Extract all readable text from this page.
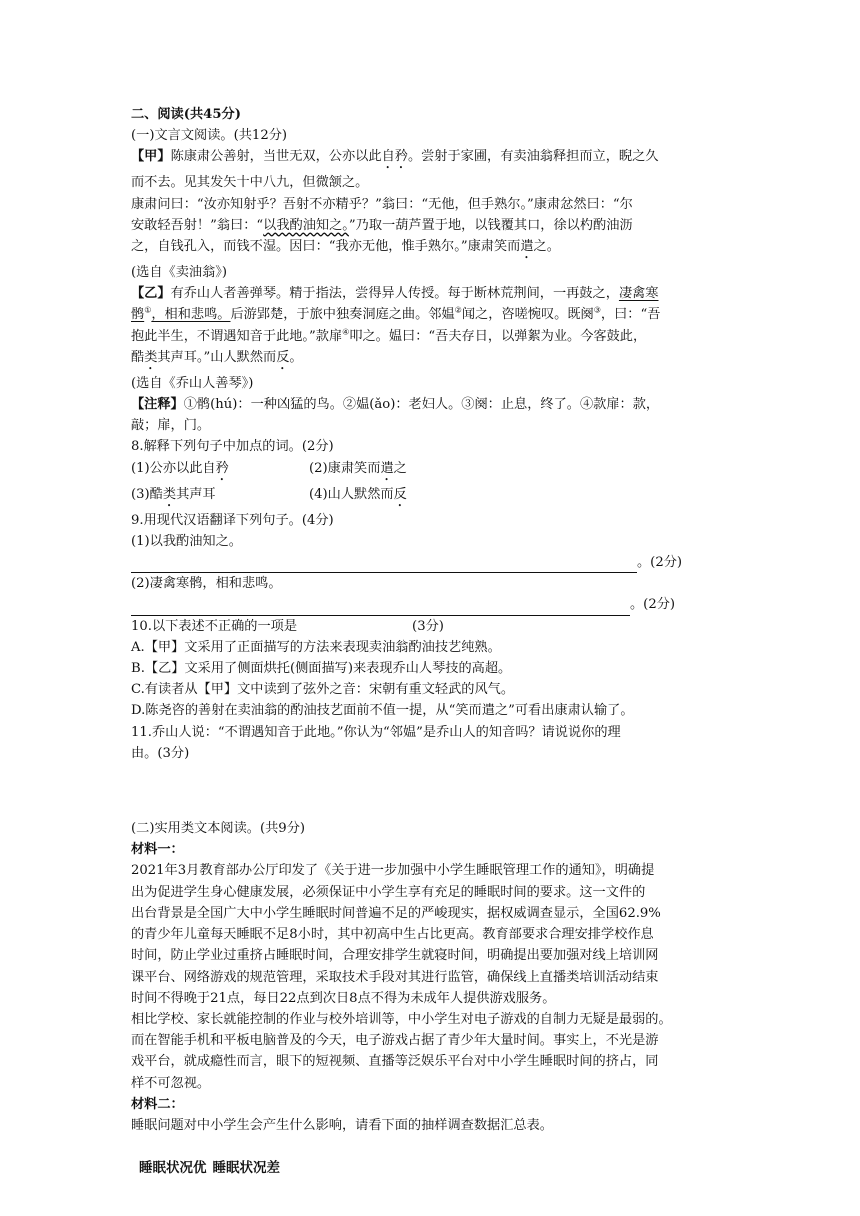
二、阅读(共45分)
(一)文言文阅读。(共12分)
【甲】陈康肃公善射，当世无双，公亦以此自矜。尝射于家圃，有卖油翁释担而立，睨之久
而不去。见其发矢十中八九，但微颔之。
康肃问曰：“汝亦知射乎？吾射不亦精乎？”翁曰：“无他，但手熟尔。”康肃忿然曰：“尔
安敢轻吾射！”翁曰：“以我酌油知之。”乃取一葫芦置于地，以钱覆其口，徐以杓酌油沥
之，自钱孔入，而钱不湿。因曰：“我亦无他，惟手熟尔。”康肃笑而遣之。
(选自《卖油翁》)
【乙】有乔山人者善弹琴。精于指法，尝得异人传授。每于断林荒荆间，一再鼓之，凄禽寒
鹘①，相和悲鸣。后游郢楚，于旅中独奏洞庭之曲。邻媪②闻之，咨嗟惋叹。既阕③，曰：“吾
抱此半生，不谓遇知音于此地。”款扉④叩之。媪曰：“吾夫存日，以弹絮为业。今客鼓此，
酷类其声耳。”山人默然而反。
(选自《乔山人善琴》)
【注释】①鹘(hú)：一种凶猛的鸟。②媪(ǎo)：老妇人。③阕：止息，终了。④款扉：款，
敲；扉，门。
8.解释下列句子中加点的词。(2分)
(1)公亦以此自矜	(2)康肃笑而遣之
(3)酷类其声耳	(4)山人默然而反
9.用现代汉语翻译下列句子。(4分)
(1)以我酌油知之。
。(2分)
(2)凄禽寒鹘，相和悲鸣。
。(2分)
10.以下表述不正确的一项是	(3分)
A.【甲】文采用了正面描写的方法来表现卖油翁酌油技艺纯熟。
B.【乙】文采用了侧面烘托(侧面描写)来表现乔山人琴技的高超。
C.有读者从【甲】文中读到了弦外之音：宋朝有重文轻武的风气。
D.陈尧咨的善射在卖油翁的酌油技艺面前不值一提，从“笑而遣之”可看出康肃认输了。
11.乔山人说：“不谓遇知音于此地。”你认为“邻媪”是乔山人的知音吗？请说说你的理
由。(3分)
(二)实用类文本阅读。(共9分)
材料一：
2021年3月教育部办公厅印发了《关于进一步加强中小学生睡眠管理工作的通知》，明确提
出为促进学生身心健康发展，必须保证中小学生享有充足的睡眠时间的要求。这一文件的
出台背景是全国广大中小学生睡眠时间普遍不足的严峻现实，据权威调查显示，全国62.9%
的青少年儿童每天睡眠不足8小时，其中初高中生占比更高。教育部要求合理安排学校作息
时间，防止学业过重挤占睡眠时间，合理安排学生就寝时间，明确提出要加强对线上培训网
课平台、网络游戏的规范管理，采取技术手段对其进行监管，确保线上直播类培训活动结束
时间不得晚于21点，每日22点到次日8点不得为未成年人提供游戏服务。
相比学校、家长就能控制的作业与校外培训等，中小学生对电子游戏的自制力无疑是最弱的。
而在智能手机和平板电脑普及的今天，电子游戏占据了青少年大量时间。事实上，不光是游
戏平台，就成瘾性而言，眼下的短视频、直播等泛娱乐平台对中小学生睡眠时间的挤占，同
样不可忽视。
材料二：
睡眠问题对中小学生会产生什么影响，请看下面的抽样调查数据汇总表。
睡眠状况优 睡眠状况差
